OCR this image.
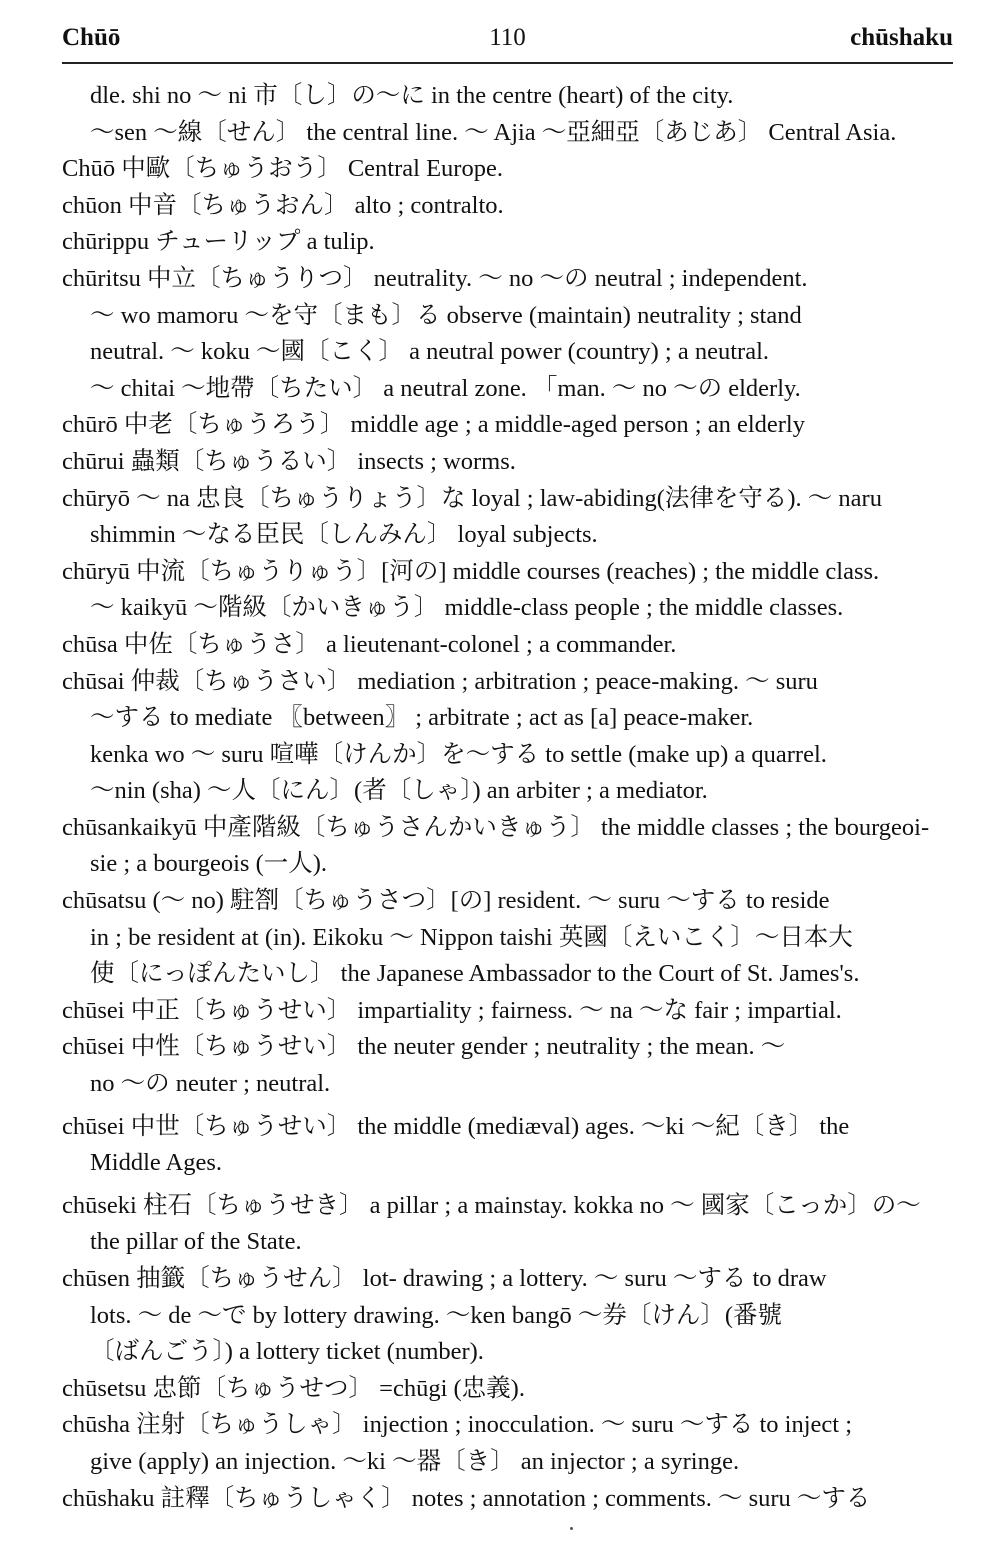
Chūō	110	chūshaku
dle. shi no ～ ni 市〔し〕の～に in the centre (heart) of the city.
～sen ～線〔せん〕 the central line. ～ Ajia ～亞細亞〔あじあ〕 Central Asia.
Chūō 中歐〔ちゅうおう〕 Central Europe.
chūon 中音〔ちゅうおん〕 alto ; contralto.
chūrippu チューリップ a tulip.
chūritsu 中立〔ちゅうりつ〕 neutrality. ～ no ～の neutral ; independent.
～ wo mamoru ～を守〔まも〕る observe (maintain) neutrality ; stand
neutral. ～ koku ～國〔こく〕 a neutral power (country) ; a neutral.
～ chitai ～地帶〔ちたい〕 a neutral zone. 「man. ～ no ～の elderly.
chūrō 中老〔ちゅうろう〕 middle age ; a middle-aged person ; an elderly
chūrui 蟲類〔ちゅうるい〕 insects ; worms.
chūryō ～ na 忠良〔ちゅうりょう〕な loyal ; law-abiding(法律を守る). ～ naru
shimmin ～なる臣民〔しんみん〕 loyal subjects.
chūryū 中流〔ちゅうりゅう〕[河の] middle courses (reaches) ; the middle class.
～ kaikyū ～階級〔かいきゅう〕 middle-class people ; the middle classes.
chūsa 中佐〔ちゅうさ〕 a lieutenant-colonel ; a commander.
chūsai 仲裁〔ちゅうさい〕 mediation ; arbitration ; peace-making. ～ suru
～する to mediate 〖between〗 ; arbitrate ; act as [a] peace-maker.
kenka wo ～ suru 喧嘩〔けんか〕を～する to settle (make up) a quarrel.
～nin (sha) ～人〔にん〕(者〔しゃ〕) an arbiter ; a mediator.
chūsankaikyū 中產階級〔ちゅうさんかいきゅう〕 the middle classes ; the bourgeoi-
sie ; a bourgeois (一人).
chūsatsu (～ no) 駐劄〔ちゅうさつ〕[の] resident. ～ suru ～する to reside
in ; be resident at (in). Eikoku ～ Nippon taishi 英國〔えいこく〕～日本大
使〔にっぽんたいし〕 the Japanese Ambassador to the Court of St. James's.
chūsei 中正〔ちゅうせい〕 impartiality ; fairness. ～ na ～な fair ; impartial.
chūsei 中性〔ちゅうせい〕 the neuter gender ; neutrality ; the mean. ～
no ～の neuter ; neutral.
chūsei 中世〔ちゅうせい〕 the middle (mediæval) ages. ～ki ～紀〔き〕 the
Middle Ages.
chūseki 柱石〔ちゅうせき〕 a pillar ; a mainstay. kokka no ～ 國家〔こっか〕の～
the pillar of the State.
chūsen 抽籤〔ちゅうせん〕 lot- drawing ; a lottery. ～ suru ～する to draw
lots. ～ de ～で by lottery drawing. ～ken bangō ～券〔けん〕(番號
〔ばんごう〕) a lottery ticket (number).
chūsetsu 忠節〔ちゅうせつ〕 =chūgi (忠義).
chūsha 注射〔ちゅうしゃ〕 injection ; inocculation. ～ suru ～する to inject ;
give (apply) an injection. ～ki ～器〔き〕 an injector ; a syringe.
chūshaku 註釋〔ちゅうしゃく〕 notes ; annotation ; comments. ～ suru ～する
